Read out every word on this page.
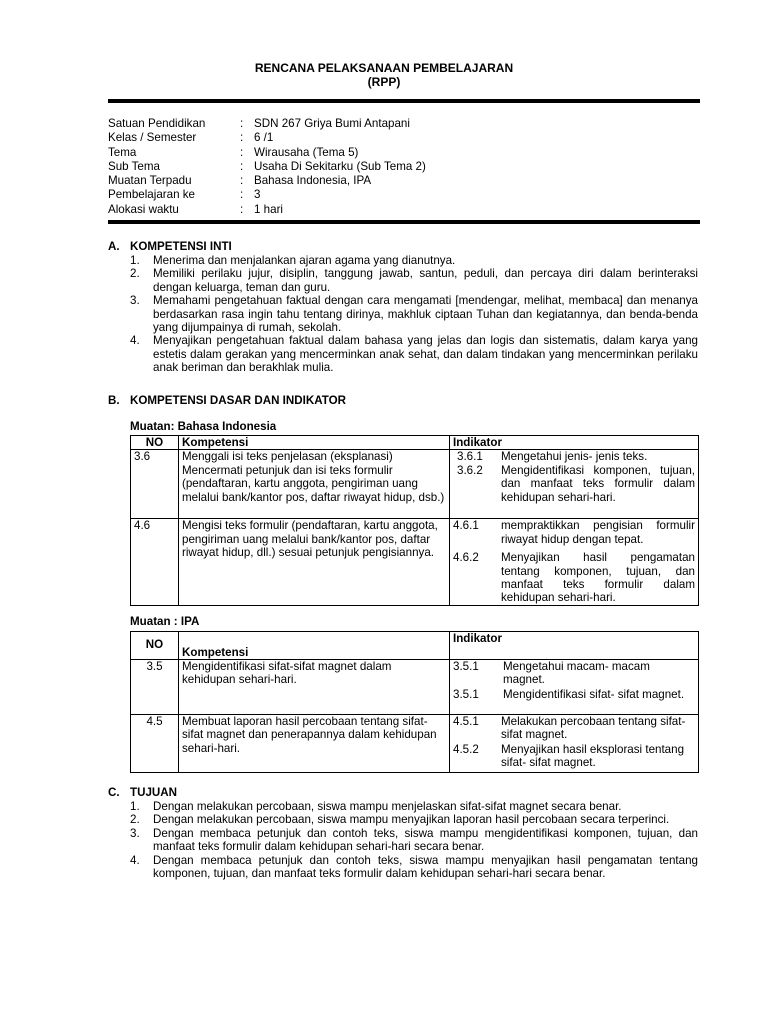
RENCANA PELAKSANAAN PEMBELAJARAN
(RPP)
Satuan Pendidikan	: SDN 267 Griya Bumi Antapani
Kelas / Semester	: 6 /1
Tema	: Wirausaha (Tema 5)
Sub Tema	: Usaha Di Sekitarku (Sub Tema 2)
Muatan Terpadu	: Bahasa Indonesia, IPA
Pembelajaran ke	: 3
Alokasi waktu	: 1 hari
A. KOMPETENSI INTI
1. Menerima dan menjalankan ajaran agama yang dianutnya.
2. Memiliki perilaku jujur, disiplin, tanggung jawab, santun, peduli, dan percaya diri dalam berinteraksi dengan keluarga, teman dan guru.
3. Memahami pengetahuan faktual dengan cara mengamati [mendengar, melihat, membaca] dan menanya berdasarkan rasa ingin tahu tentang dirinya, makhluk ciptaan Tuhan dan kegiatannya, dan benda-benda yang dijumpainya di rumah, sekolah.
4. Menyajikan pengetahuan faktual dalam bahasa yang jelas dan logis dan sistematis, dalam karya yang estetis dalam gerakan yang mencerminkan anak sehat, dan dalam tindakan yang mencerminkan perilaku anak beriman dan berakhlak mulia.
B. KOMPETENSI DASAR DAN INDIKATOR
Muatan: Bahasa Indonesia
NO	Kompetensi	Indikator
3.6	Menggali isi teks penjelasan (eksplanasi) Mencermati petunjuk dan isi teks formulir (pendaftaran, kartu anggota, pengiriman uang melalui bank/kantor pos, daftar riwayat hidup, dsb.)	3.6.1 Mengetahui jenis- jenis teks.
3.6.2 Mengidentifikasi komponen, tujuan, dan manfaat teks formulir dalam kehidupan sehari-hari.

4.6	Mengisi teks formulir (pendaftaran, kartu anggota, pengiriman uang melalui bank/kantor pos, daftar riwayat hidup, dll.) sesuai petunjuk pengisiannya.	4.6.1 mempraktikkan pengisian formulir riwayat hidup dengan tepat.
4.6.2 Menyajikan hasil pengamatan tentang komponen, tujuan, dan manfaat teks formulir dalam kehidupan sehari-hari.
Muatan : IPA
NO	Kompetensi	Indikator
3.5	Mengidentifikasi sifat-sifat magnet dalam kehidupan sehari-hari.	3.5.1 Mengetahui macam- macam magnet.
3.5.1 Mengidentifikasi sifat- sifat magnet.

4.5	Membuat laporan hasil percobaan tentang sifat-sifat magnet dan penerapannya dalam kehidupan sehari-hari.	4.5.1 Melakukan percobaan tentang sifat- sifat magnet.
4.5.2 Menyajikan hasil eksplorasi tentang sifat- sifat magnet.
C. TUJUAN
1. Dengan melakukan percobaan, siswa mampu menjelaskan sifat-sifat magnet secara benar.
2. Dengan melakukan percobaan, siswa mampu menyajikan laporan hasil percobaan secara terperinci.
3. Dengan membaca petunjuk dan contoh teks, siswa mampu mengidentifikasi komponen, tujuan, dan manfaat teks formulir dalam kehidupan sehari-hari secara benar.
4. Dengan membaca petunjuk dan contoh teks, siswa mampu menyajikan hasil pengamatan tentang komponen, tujuan, dan manfaat teks formulir dalam kehidupan sehari-hari secara benar.
